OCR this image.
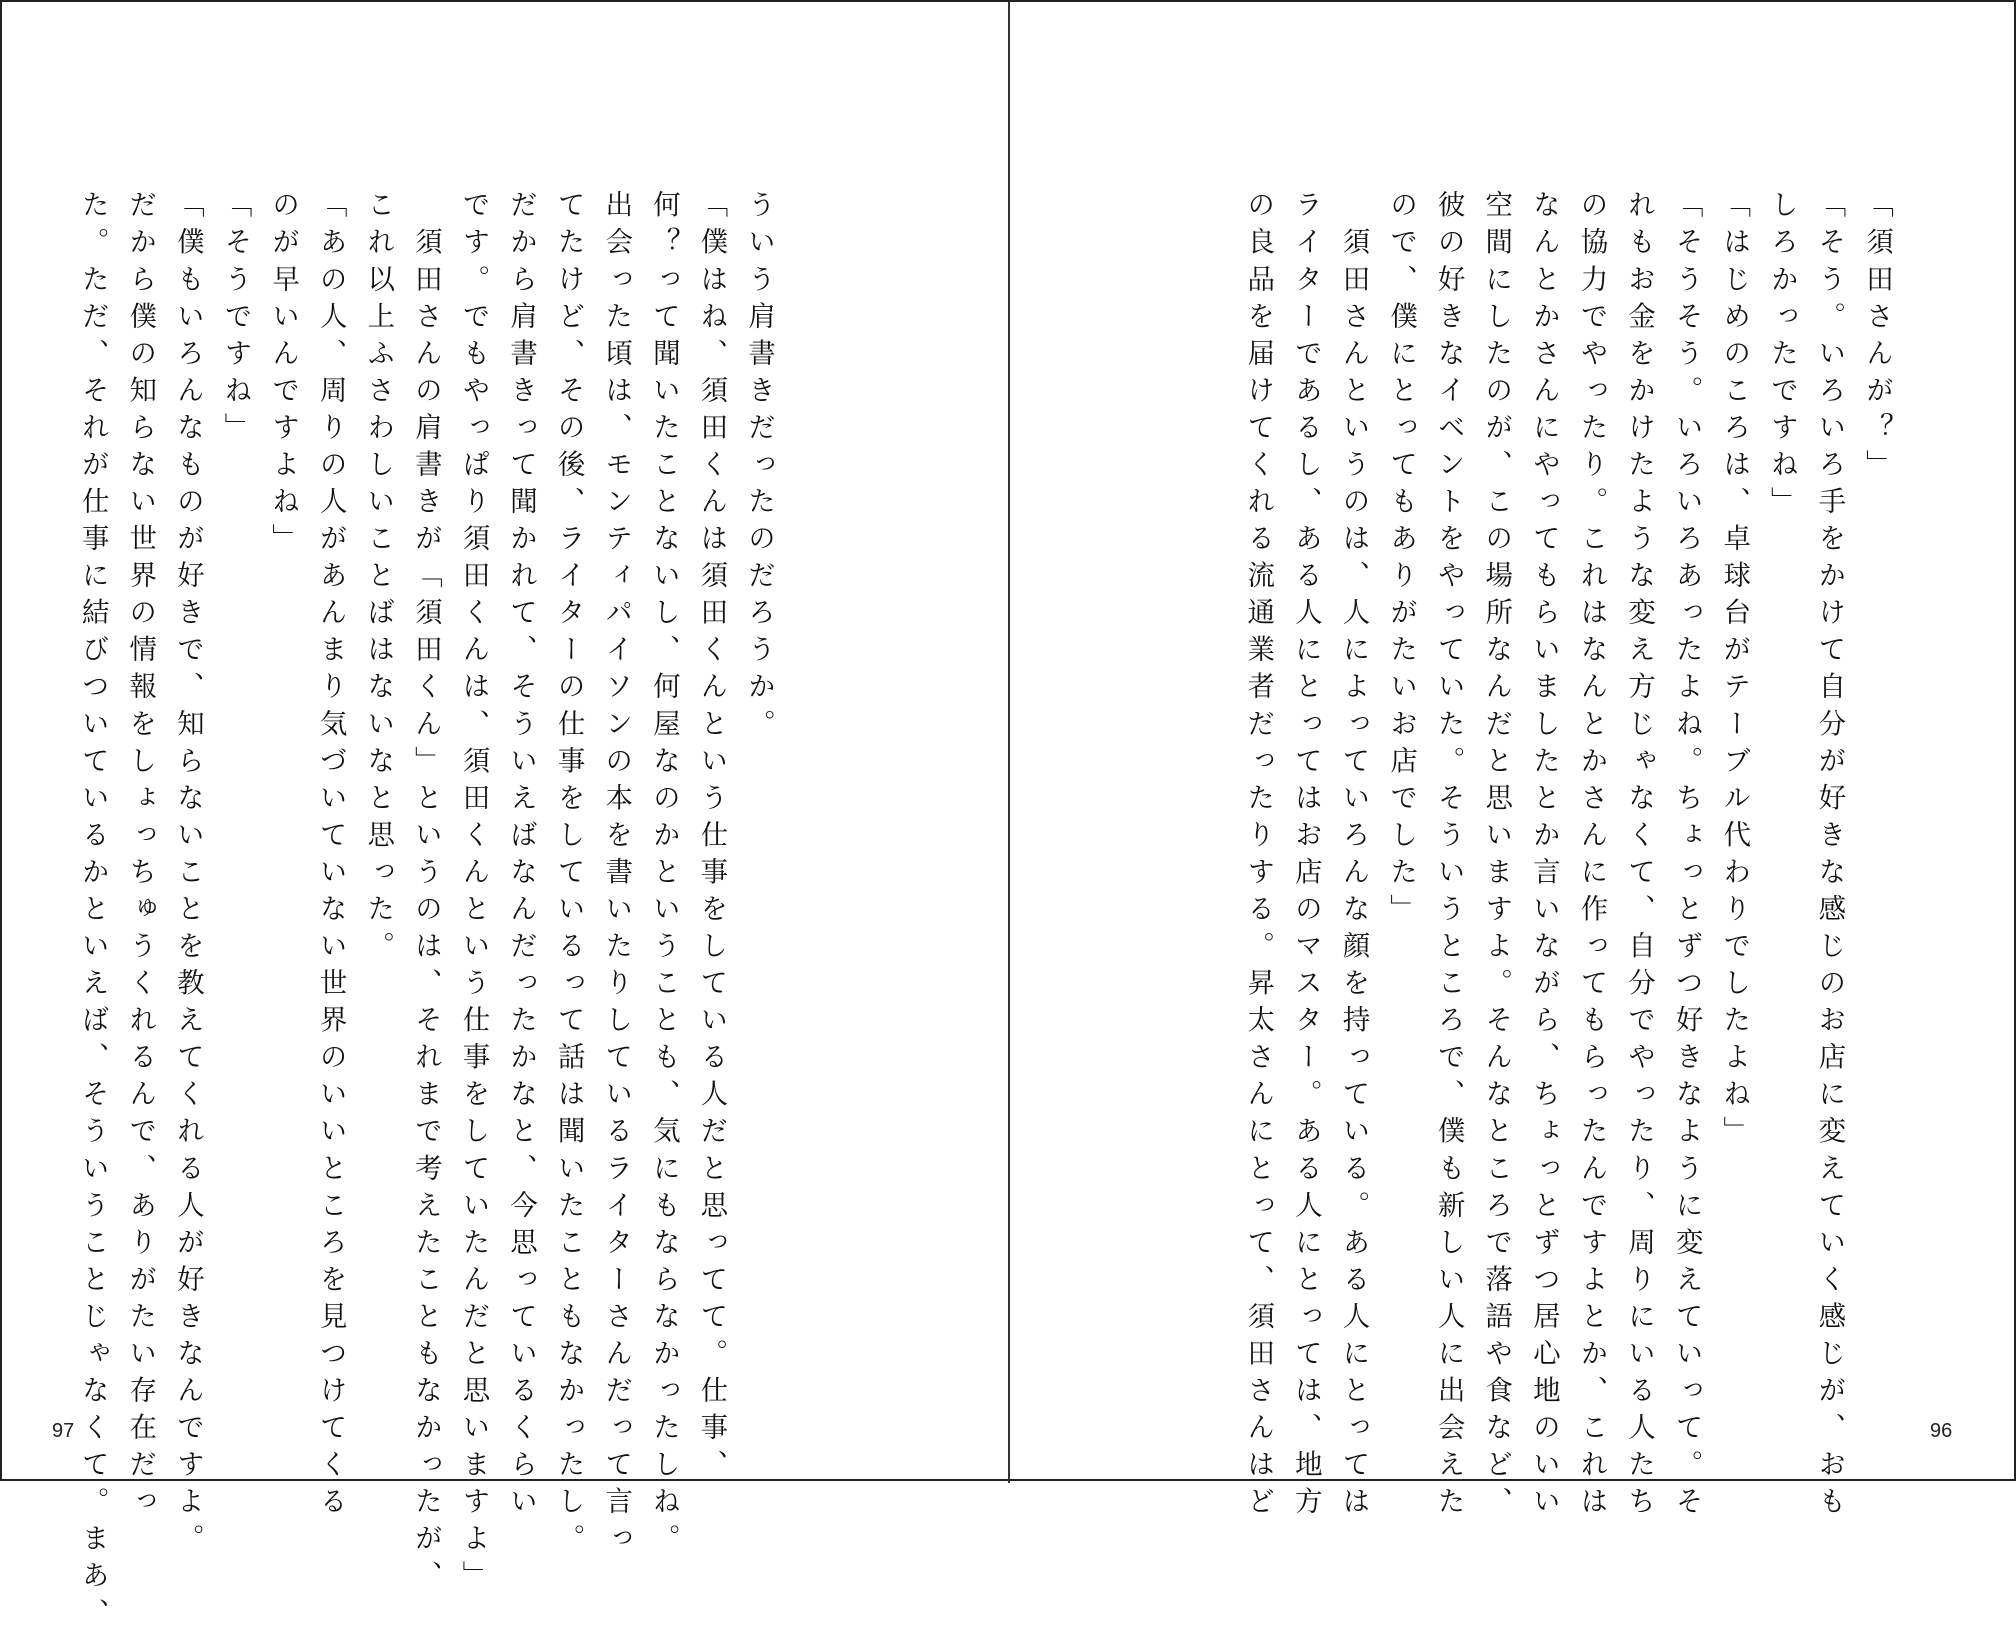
う い う 肩 書 き だ っ た の だ ろ う か 。

「 僕 は ね 、 須 田 く ん は 須 田 く ん と い う 仕 事 を し て い る 人 だ と 思 っ て て 。 仕 事 、

何 ？ っ て 聞 い た こ と な い し 、 何 屋 な の か と い う こ と も 、 気 に も な ら な か っ た し ね 。

出 会 っ た 頃 は 、 モ ン テ ィ パ イ ソ ン の 本 を 書 い た り し て い る ラ イ タ ー さ ん だ っ て 言 っ

て た け ど 、 そ の 後 、 ラ イ タ ー の 仕 事 を し て い る っ て 話 は 聞 い た こ と も な か っ た し 。

だ か ら 肩 書 き っ て 聞 か れ て 、 そ う い え ば な ん だ っ た か な と 、 今 思 っ て い る く ら い

で す 。 で も や っ ぱ り 須 田 く ん は 、 須 田 く ん と い う 仕 事 を し て い た ん だ と 思 い ま す よ 」

　 須 田 さ ん の 肩 書 き が 「 須 田 く ん 」 と い う の は 、 そ れ ま で 考 え た こ と も な か っ た が 、

こ れ 以 上 ふ さ わ し い こ と ば は な い な と 思 っ た 。

「 あ の 人 、 周 り の 人 が あ ん ま り 気 づ い て い な い 世 界 の い い と こ ろ を 見 つ け て く る

の が 早 い ん で す よ ね 」

「 そ う で す ね 」

「 僕 も い ろ ん な も の が 好 き で 、 知 ら な い こ と を 教 え て く れ る 人 が 好 き な ん で す よ 。

だ か ら 僕 の 知 ら な い 世 界 の 情 報 を し ょ っ ち ゅ う く れ る ん で 、 あ り が た い 存 在 だ っ

た 。 た だ 、 そ れ が 仕 事 に 結 び つ い て い る か と い え ば 、 そ う い う こ と じ ゃ な く て 。 ま あ 、

97

「 須 田 さ ん が ？ 」

「 そ う 。 い ろ い ろ 手 を か け て 自 分 が 好 き な 感 じ の お 店 に 変 え て い く 感 じ が 、 お も

し ろ か っ た で す ね 」

「 は じ め の こ ろ は 、 卓 球 台 が テ ー ブ ル 代 わ り で し た よ ね 」

「 そ う そ う 。 い ろ い ろ あ っ た よ ね 。 ち ょ っ と ず つ 好 き な よ う に 変 え て い っ て 。 そ

れ も お 金 を か け た よ う な 変 え 方 じ ゃ な く て 、 自 分 で や っ た り 、 周 り に い る 人 た ち

の 協 力 で や っ た り 。 こ れ は な ん と か さ ん に 作 っ て も ら っ た ん で す よ と か 、 こ れ は

な ん と か さ ん に や っ て も ら い ま し た と か 言 い な が ら 、 ち ょ っ と ず つ 居 心 地 の い い

空 間 に し た の が 、 こ の 場 所 な ん だ と 思 い ま す よ 。 そ ん な と こ ろ で 落 語 や 食 な ど 、

彼 の 好 き な イ ベ ン ト を や っ て い た 。 そ う い う と こ ろ で 、 僕 も 新 し い 人 に 出 会 え た

の で 、 僕 に と っ て も あ り が た い お 店 で し た 」

　 須 田 さ ん と い う の は 、 人 に よ っ て い ろ ん な 顔 を 持 っ て い る 。 あ る 人 に と っ て は

ラ イ タ ー で あ る し 、 あ る 人 に と っ て は お 店 の マ ス タ ー 。 あ る 人 に と っ て は 、 地 方

の 良 品 を 届 け て く れ る 流 通 業 者 だ っ た り す る 。 昇 太 さ ん に と っ て 、 須 田 さ ん は ど	96
